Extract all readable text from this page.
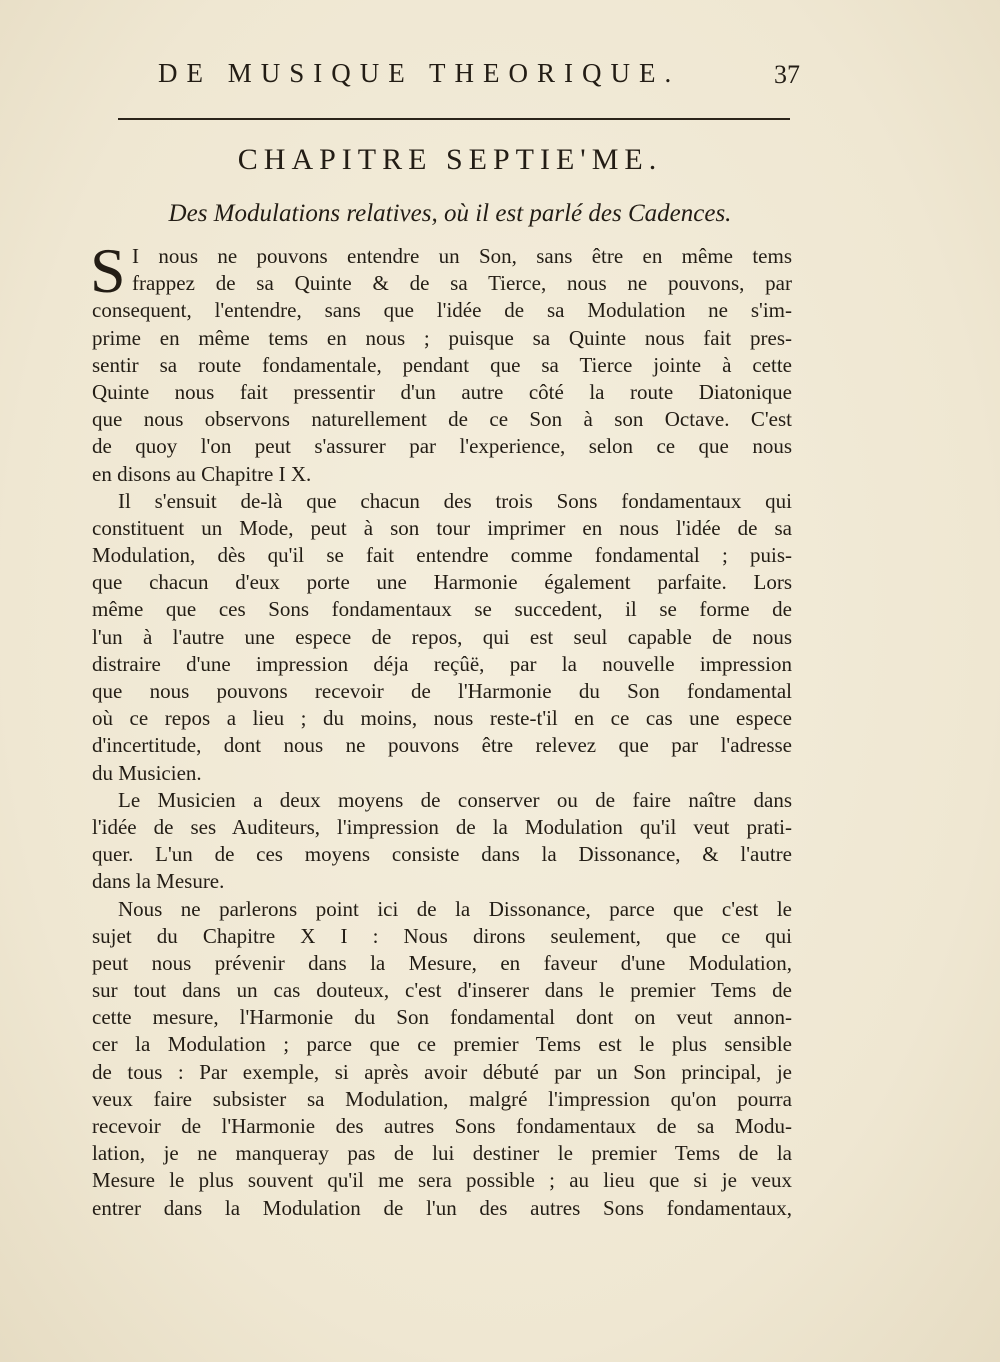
DE MUSIQUE THEORIQUE.	37
CHAPITRE SEPTIE'ME.
Des Modulations relatives, où il est parlé des Cadences.
S I nous ne pouvons entendre un Son, sans être en même tems
frappez de sa Quinte & de sa Tierce, nous ne pouvons, par
consequent, l'entendre, sans que l'idée de sa Modulation ne s'im-
prime en même tems en nous ; puisque sa Quinte nous fait pres-
sentir sa route fondamentale, pendant que sa Tierce jointe à cette
Quinte nous fait pressentir d'un autre côté la route Diatonique
que nous observons naturellement de ce Son à son Octave. C'est
de quoy l'on peut s'assurer par l'experience, selon ce que nous
en disons au Chapitre I X.
Il s'ensuit de-là que chacun des trois Sons fondamentaux qui
constituent un Mode, peut à son tour imprimer en nous l'idée de sa
Modulation, dès qu'il se fait entendre comme fondamental ; puis-
que chacun d'eux porte une Harmonie également parfaite. Lors
même que ces Sons fondamentaux se succedent, il se forme de
l'un à l'autre une espece de repos, qui est seul capable de nous
distraire d'une impression déja reçûë, par la nouvelle impression
que nous pouvons recevoir de l'Harmonie du Son fondamental
où ce repos a lieu ; du moins, nous reste-t'il en ce cas une espece
d'incertitude, dont nous ne pouvons être relevez que par l'adresse
du Musicien.
Le Musicien a deux moyens de conserver ou de faire naître dans
l'idée de ses Auditeurs, l'impression de la Modulation qu'il veut prati-
quer. L'un de ces moyens consiste dans la Dissonance, & l'autre
dans la Mesure.
Nous ne parlerons point ici de la Dissonance, parce que c'est le
sujet du Chapitre X I : Nous dirons seulement, que ce qui
peut nous prévenir dans la Mesure, en faveur d'une Modulation,
sur tout dans un cas douteux, c'est d'inserer dans le premier Tems de
cette mesure, l'Harmonie du Son fondamental dont on veut annon-
cer la Modulation ; parce que ce premier Tems est le plus sensible
de tous : Par exemple, si après avoir débuté par un Son principal, je
veux faire subsister sa Modulation, malgré l'impression qu'on pourra
recevoir de l'Harmonie des autres Sons fondamentaux de sa Modu-
lation, je ne manqueray pas de lui destiner le premier Tems de la
Mesure le plus souvent qu'il me sera possible ; au lieu que si je veux
entrer dans la Modulation de l'un des autres Sons fondamentaux,
